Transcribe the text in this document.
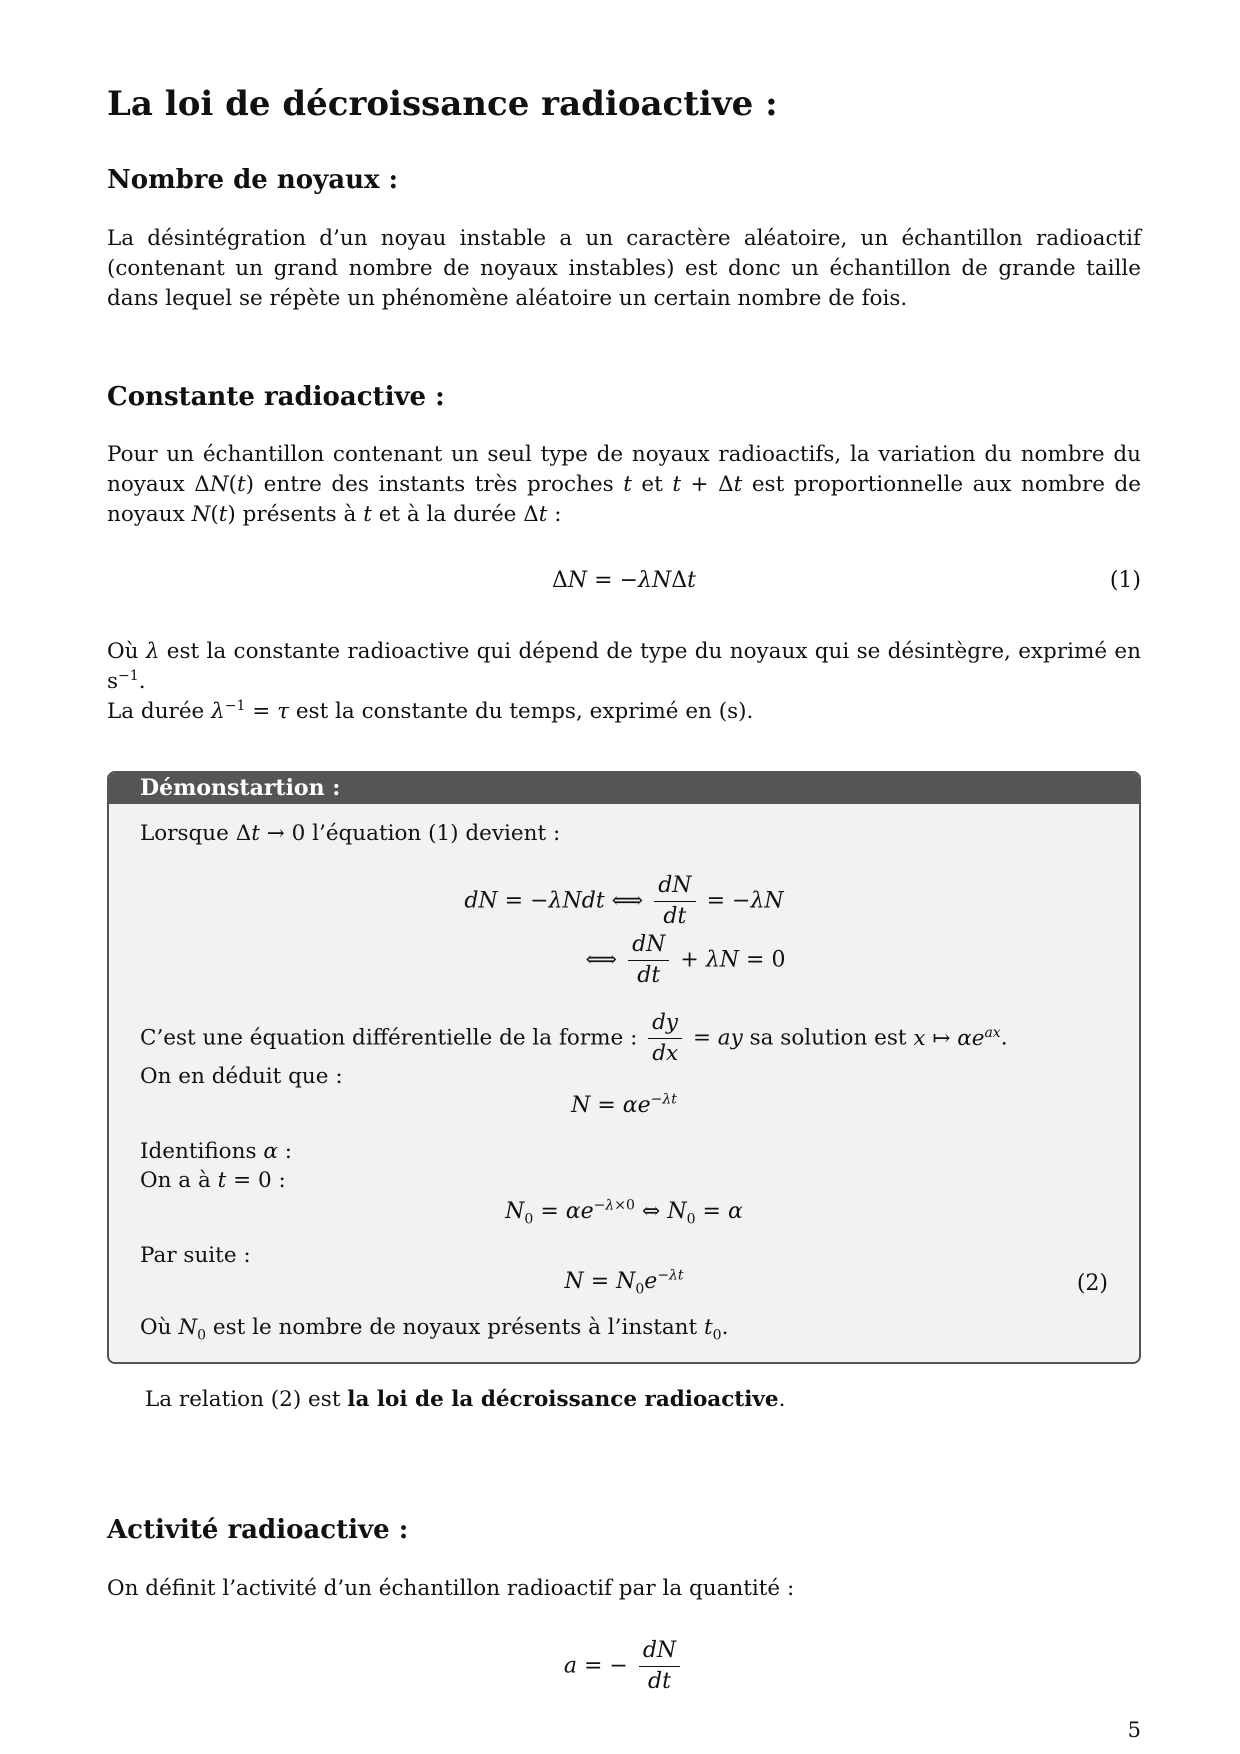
La loi de décroissance radioactive :
Nombre de noyaux :

La désintégration d’un noyau instable a un caractère aléatoire, un échantillon radioactif (contenant un grand nombre de noyaux instables) est donc un échantillon de grande taille dans lequel se répète un phénomène aléatoire un certain nombre de fois.

Constante radioactive :

Pour un échantillon contenant un seul type de noyaux radioactifs, la variation du nombre du noyaux ΔN(t) entre des instants très proches t et t + Δt est proportionnelle aux nombre de noyaux N(t) présents à t et à la durée Δt :

ΔN = −λNΔt	(1)

Où λ est la constante radioactive qui dépend de type du noyaux qui se désintègre, exprimé en $s^{-1}$.
La durée $\lambda^{-1} = \tau$ est la constante du temps, exprimé en (s).

Démonstartion :
Lorsque Δt → 0 l’équation (1) devient :
dN = −λNdt ⟺ $\frac{dN}{dt} = -\lambda N$
⟺ $\frac{dN}{dt} + \lambda N = 0$
C’est une équation différentielle de la forme : $\frac{dy}{dx}$ = ay sa solution est x ↦ $\alpha e^{ax}$.
On en déduit que :
$N = \alpha e^{-\lambda t}$
Identifions α :
On a à t = 0 :
$N_0 = \alpha e^{-\lambda\times 0}$ ⇔ $N_0 = \alpha$
Par suite :
$N = N_0e^{-\lambda t}$	(2)
Où $N_0$ est le nombre de noyaux présents à l’instant $t_0$.

La relation (2) est la loi de la décroissance radioactive.

Activité radioactive :

On définit l’activité d’un échantillon radioactif par la quantité :

a = − $\frac{dN}{dt}$
5
